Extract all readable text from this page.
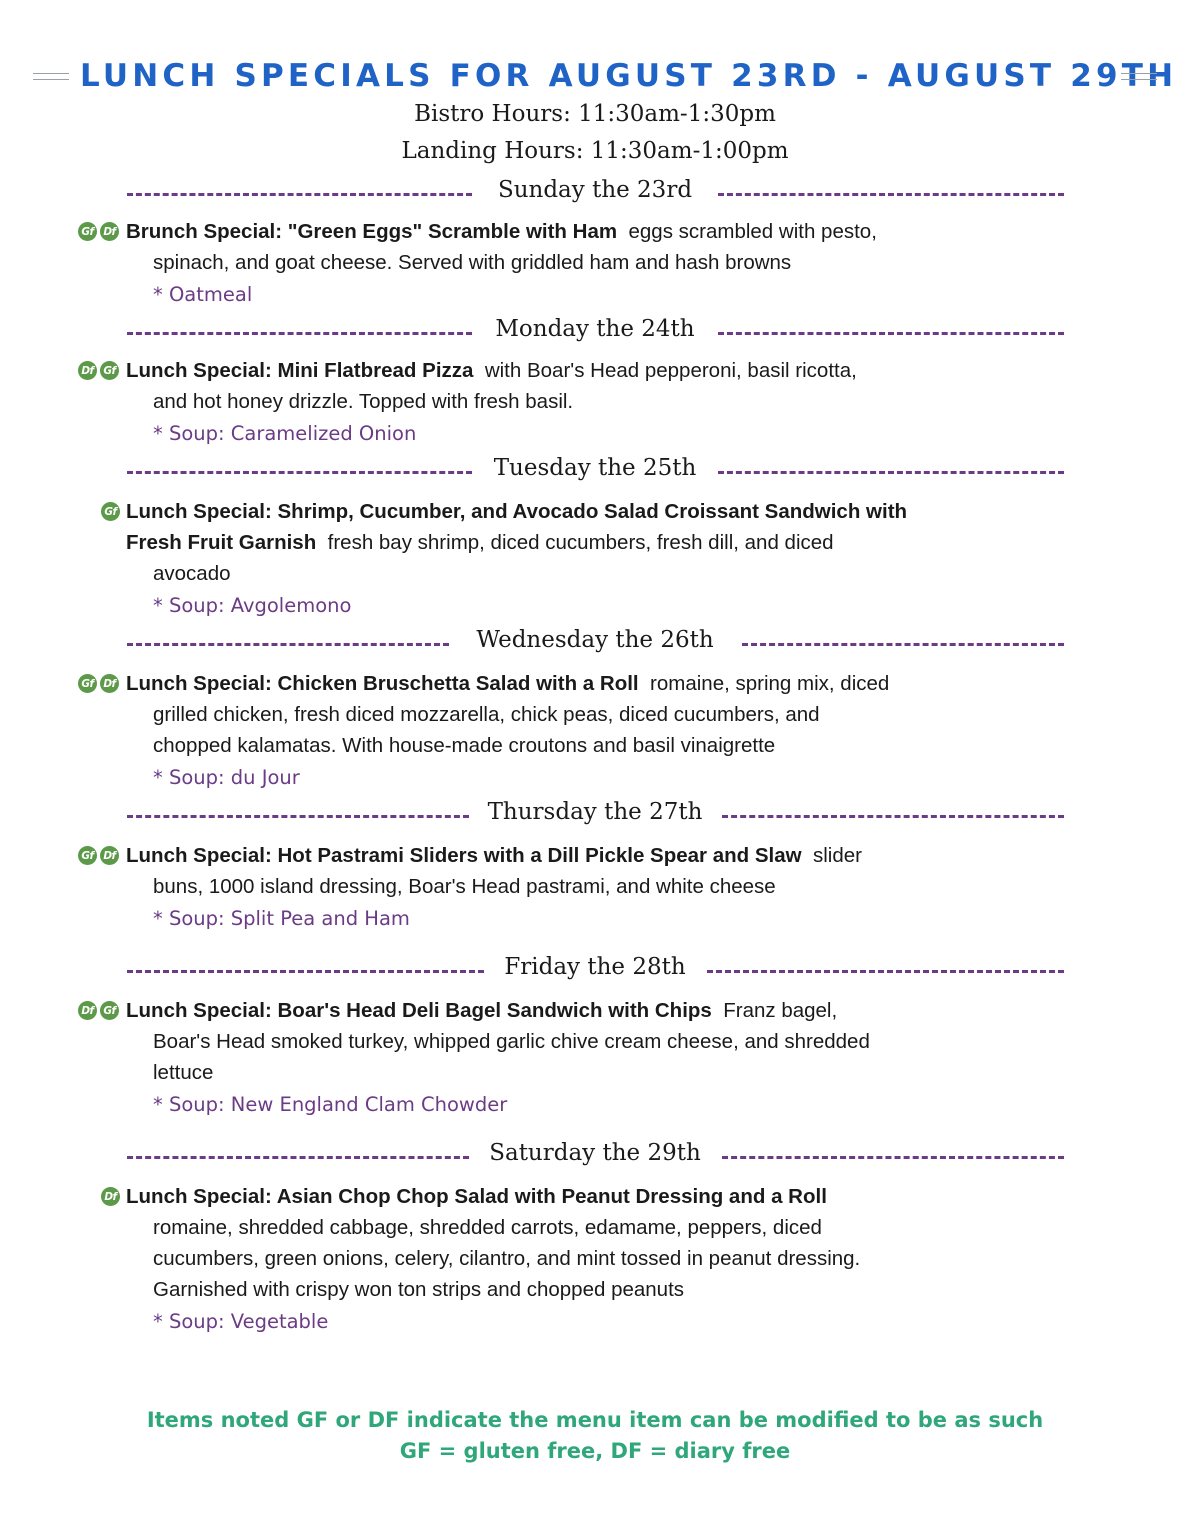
LUNCH SPECIALS FOR AUGUST 23RD - AUGUST 29TH
Bistro Hours: 11:30am-1:30pm
Landing Hours: 11:30am-1:00pm
Sunday the 23rd
Gf Df Brunch Special: "Green Eggs" Scramble with Ham eggs scrambled with pesto,
spinach, and goat cheese. Served with griddled ham and hash browns
* Oatmeal
Monday the 24th
Df Gf Lunch Special: Mini Flatbread Pizza with Boar's Head pepperoni, basil ricotta,
and hot honey drizzle. Topped with fresh basil.
* Soup: Caramelized Onion
Tuesday the 25th
Gf Lunch Special: Shrimp, Cucumber, and Avocado Salad Croissant Sandwich with
Fresh Fruit Garnish fresh bay shrimp, diced cucumbers, fresh dill, and diced
avocado
* Soup: Avgolemono
Wednesday the 26th
Gf Df Lunch Special: Chicken Bruschetta Salad with a Roll romaine, spring mix, diced
grilled chicken, fresh diced mozzarella, chick peas, diced cucumbers, and
chopped kalamatas. With house-made croutons and basil vinaigrette
* Soup: du Jour
Thursday the 27th
Gf Df Lunch Special: Hot Pastrami Sliders with a Dill Pickle Spear and Slaw slider
buns, 1000 island dressing, Boar's Head pastrami, and white cheese
* Soup: Split Pea and Ham
Friday the 28th
Df Gf Lunch Special: Boar's Head Deli Bagel Sandwich with Chips Franz bagel,
Boar's Head smoked turkey, whipped garlic chive cream cheese, and shredded
lettuce
* Soup: New England Clam Chowder
Saturday the 29th
Df Lunch Special: Asian Chop Chop Salad with Peanut Dressing and a Roll
romaine, shredded cabbage, shredded carrots, edamame, peppers, diced
cucumbers, green onions, celery, cilantro, and mint tossed in peanut dressing.
Garnished with crispy won ton strips and chopped peanuts
* Soup: Vegetable
Items noted GF or DF indicate the menu item can be modified to be as such
GF = gluten free, DF = diary free
